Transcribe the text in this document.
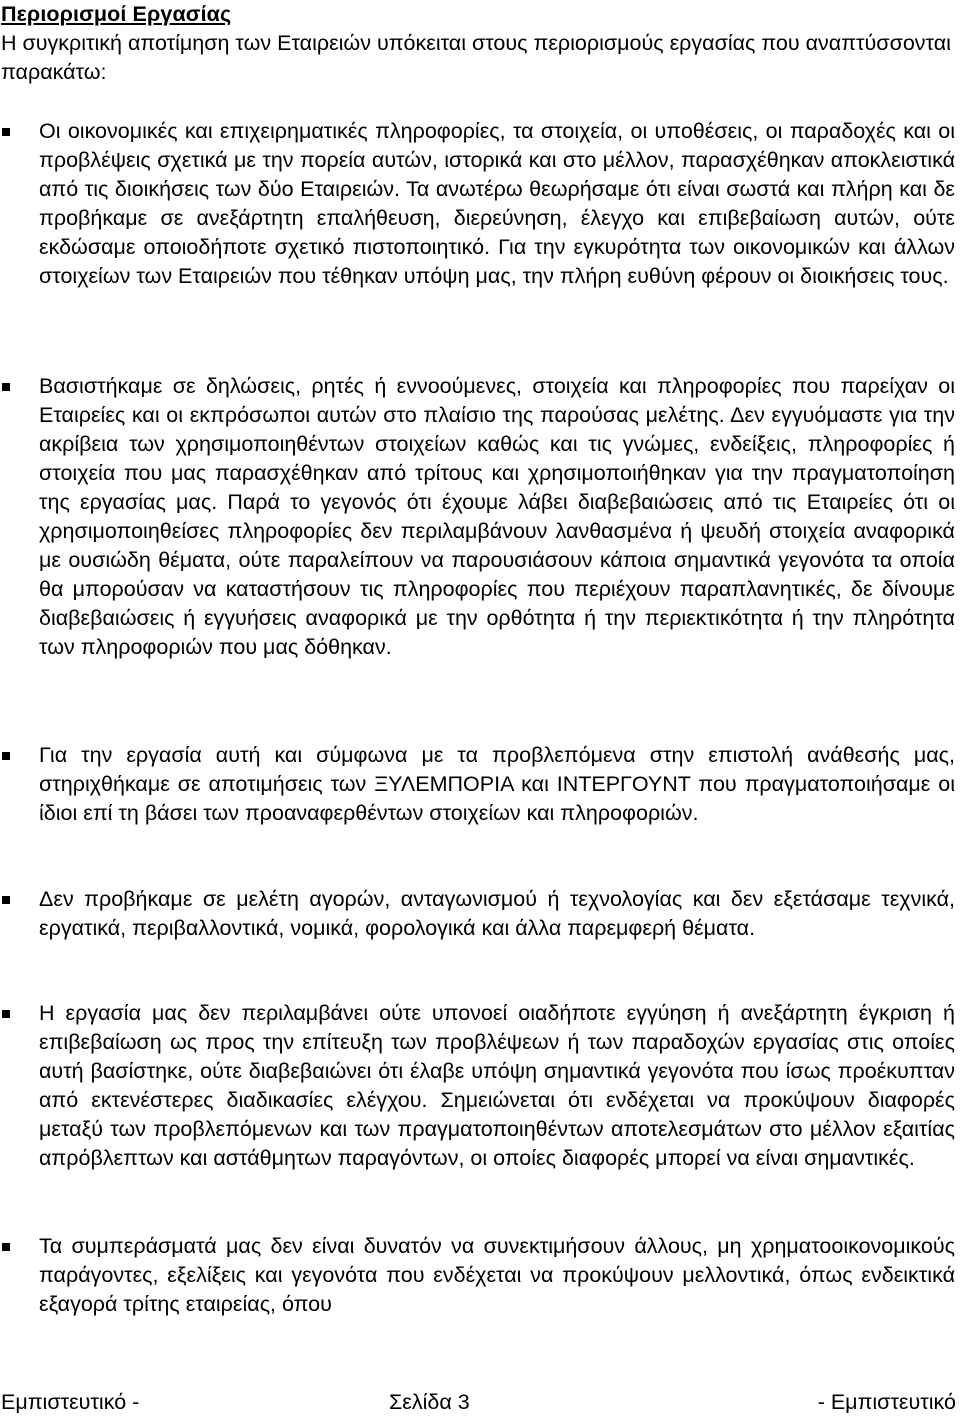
Περιορισμοί Εργασίας
Η συγκριτική αποτίμηση των Εταιρειών υπόκειται στους περιορισμούς εργασίας που αναπτύσσονται παρακάτω:

Οι οικονομικές και επιχειρηματικές πληροφορίες, τα στοιχεία, οι υποθέσεις, οι παραδοχές και οι προβλέψεις σχετικά με την πορεία αυτών, ιστορικά και στο μέλλον, παρασχέθηκαν αποκλειστικά από τις διοικήσεις των δύο Εταιρειών. Τα ανωτέρω θεωρήσαμε ότι είναι σωστά και πλήρη και δε προβήκαμε σε ανεξάρτητη επαλήθευση, διερεύνηση, έλεγχο και επιβεβαίωση αυτών, ούτε εκδώσαμε οποιοδήποτε σχετικό πιστοποιητικό. Για την εγκυρότητα των οικονομικών και άλλων στοιχείων των Εταιρειών που τέθηκαν υπόψη μας, την πλήρη ευθύνη φέρουν οι διοικήσεις τους.

Βασιστήκαμε σε δηλώσεις, ρητές ή εννοούμενες, στοιχεία και πληροφορίες που παρείχαν οι Εταιρείες και οι εκπρόσωποι αυτών στο πλαίσιο της παρούσας μελέτης. Δεν εγγυόμαστε για την ακρίβεια των χρησιμοποιηθέντων στοιχείων καθώς και τις γνώμες, ενδείξεις, πληροφορίες ή στοιχεία που μας παρασχέθηκαν από τρίτους και χρησιμοποιήθηκαν για την πραγματοποίηση της εργασίας μας. Παρά το γεγονός ότι έχουμε λάβει διαβεβαιώσεις από τις Εταιρείες ότι οι χρησιμοποιηθείσες πληροφορίες δεν περιλαμβάνουν λανθασμένα ή ψευδή στοιχεία αναφορικά με ουσιώδη θέματα, ούτε παραλείπουν να παρουσιάσουν κάποια σημαντικά γεγονότα τα οποία θα μπορούσαν να καταστήσουν τις πληροφορίες που περιέχουν παραπλανητικές, δε δίνουμε διαβεβαιώσεις ή εγγυήσεις αναφορικά με την ορθότητα ή την περιεκτικότητα ή την πληρότητα των πληροφοριών που μας δόθηκαν.

Για την εργασία αυτή και σύμφωνα με τα προβλεπόμενα στην επιστολή ανάθεσής μας, στηριχθήκαμε σε αποτιμήσεις των ΞΥΛΕΜΠΟΡΙΑ και ΙΝΤΕΡΓΟΥΝΤ που πραγματοποιήσαμε οι ίδιοι επί τη βάσει των προαναφερθέντων στοιχείων και πληροφοριών.

Δεν προβήκαμε σε μελέτη αγορών, ανταγωνισμού ή τεχνολογίας και δεν εξετάσαμε τεχνικά, εργατικά, περιβαλλοντικά, νομικά, φορολογικά και άλλα παρεμφερή θέματα.

Η εργασία μας δεν περιλαμβάνει ούτε υπονοεί οιαδήποτε εγγύηση ή ανεξάρτητη έγκριση ή επιβεβαίωση ως προς την επίτευξη των προβλέψεων ή των παραδοχών εργασίας στις οποίες αυτή βασίστηκε, ούτε διαβεβαιώνει ότι έλαβε υπόψη σημαντικά γεγονότα που ίσως προέκυπταν από εκτενέστερες διαδικασίες ελέγχου. Σημειώνεται ότι ενδέχεται να προκύψουν διαφορές μεταξύ των προβλεπόμενων και των πραγματοποιηθέντων αποτελεσμάτων στο μέλλον εξαιτίας απρόβλεπτων και αστάθμητων παραγόντων, οι οποίες διαφορές μπορεί να είναι σημαντικές.

Τα συμπεράσματά μας δεν είναι δυνατόν να συνεκτιμήσουν άλλους, μη χρηματοοικονομικούς παράγοντες, εξελίξεις και γεγονότα που ενδέχεται να προκύψουν μελλοντικά, όπως ενδεικτικά εξαγορά τρίτης εταιρείας, όπου

Εμπιστευτικό -	Σελίδα 3	- Εμπιστευτικό
